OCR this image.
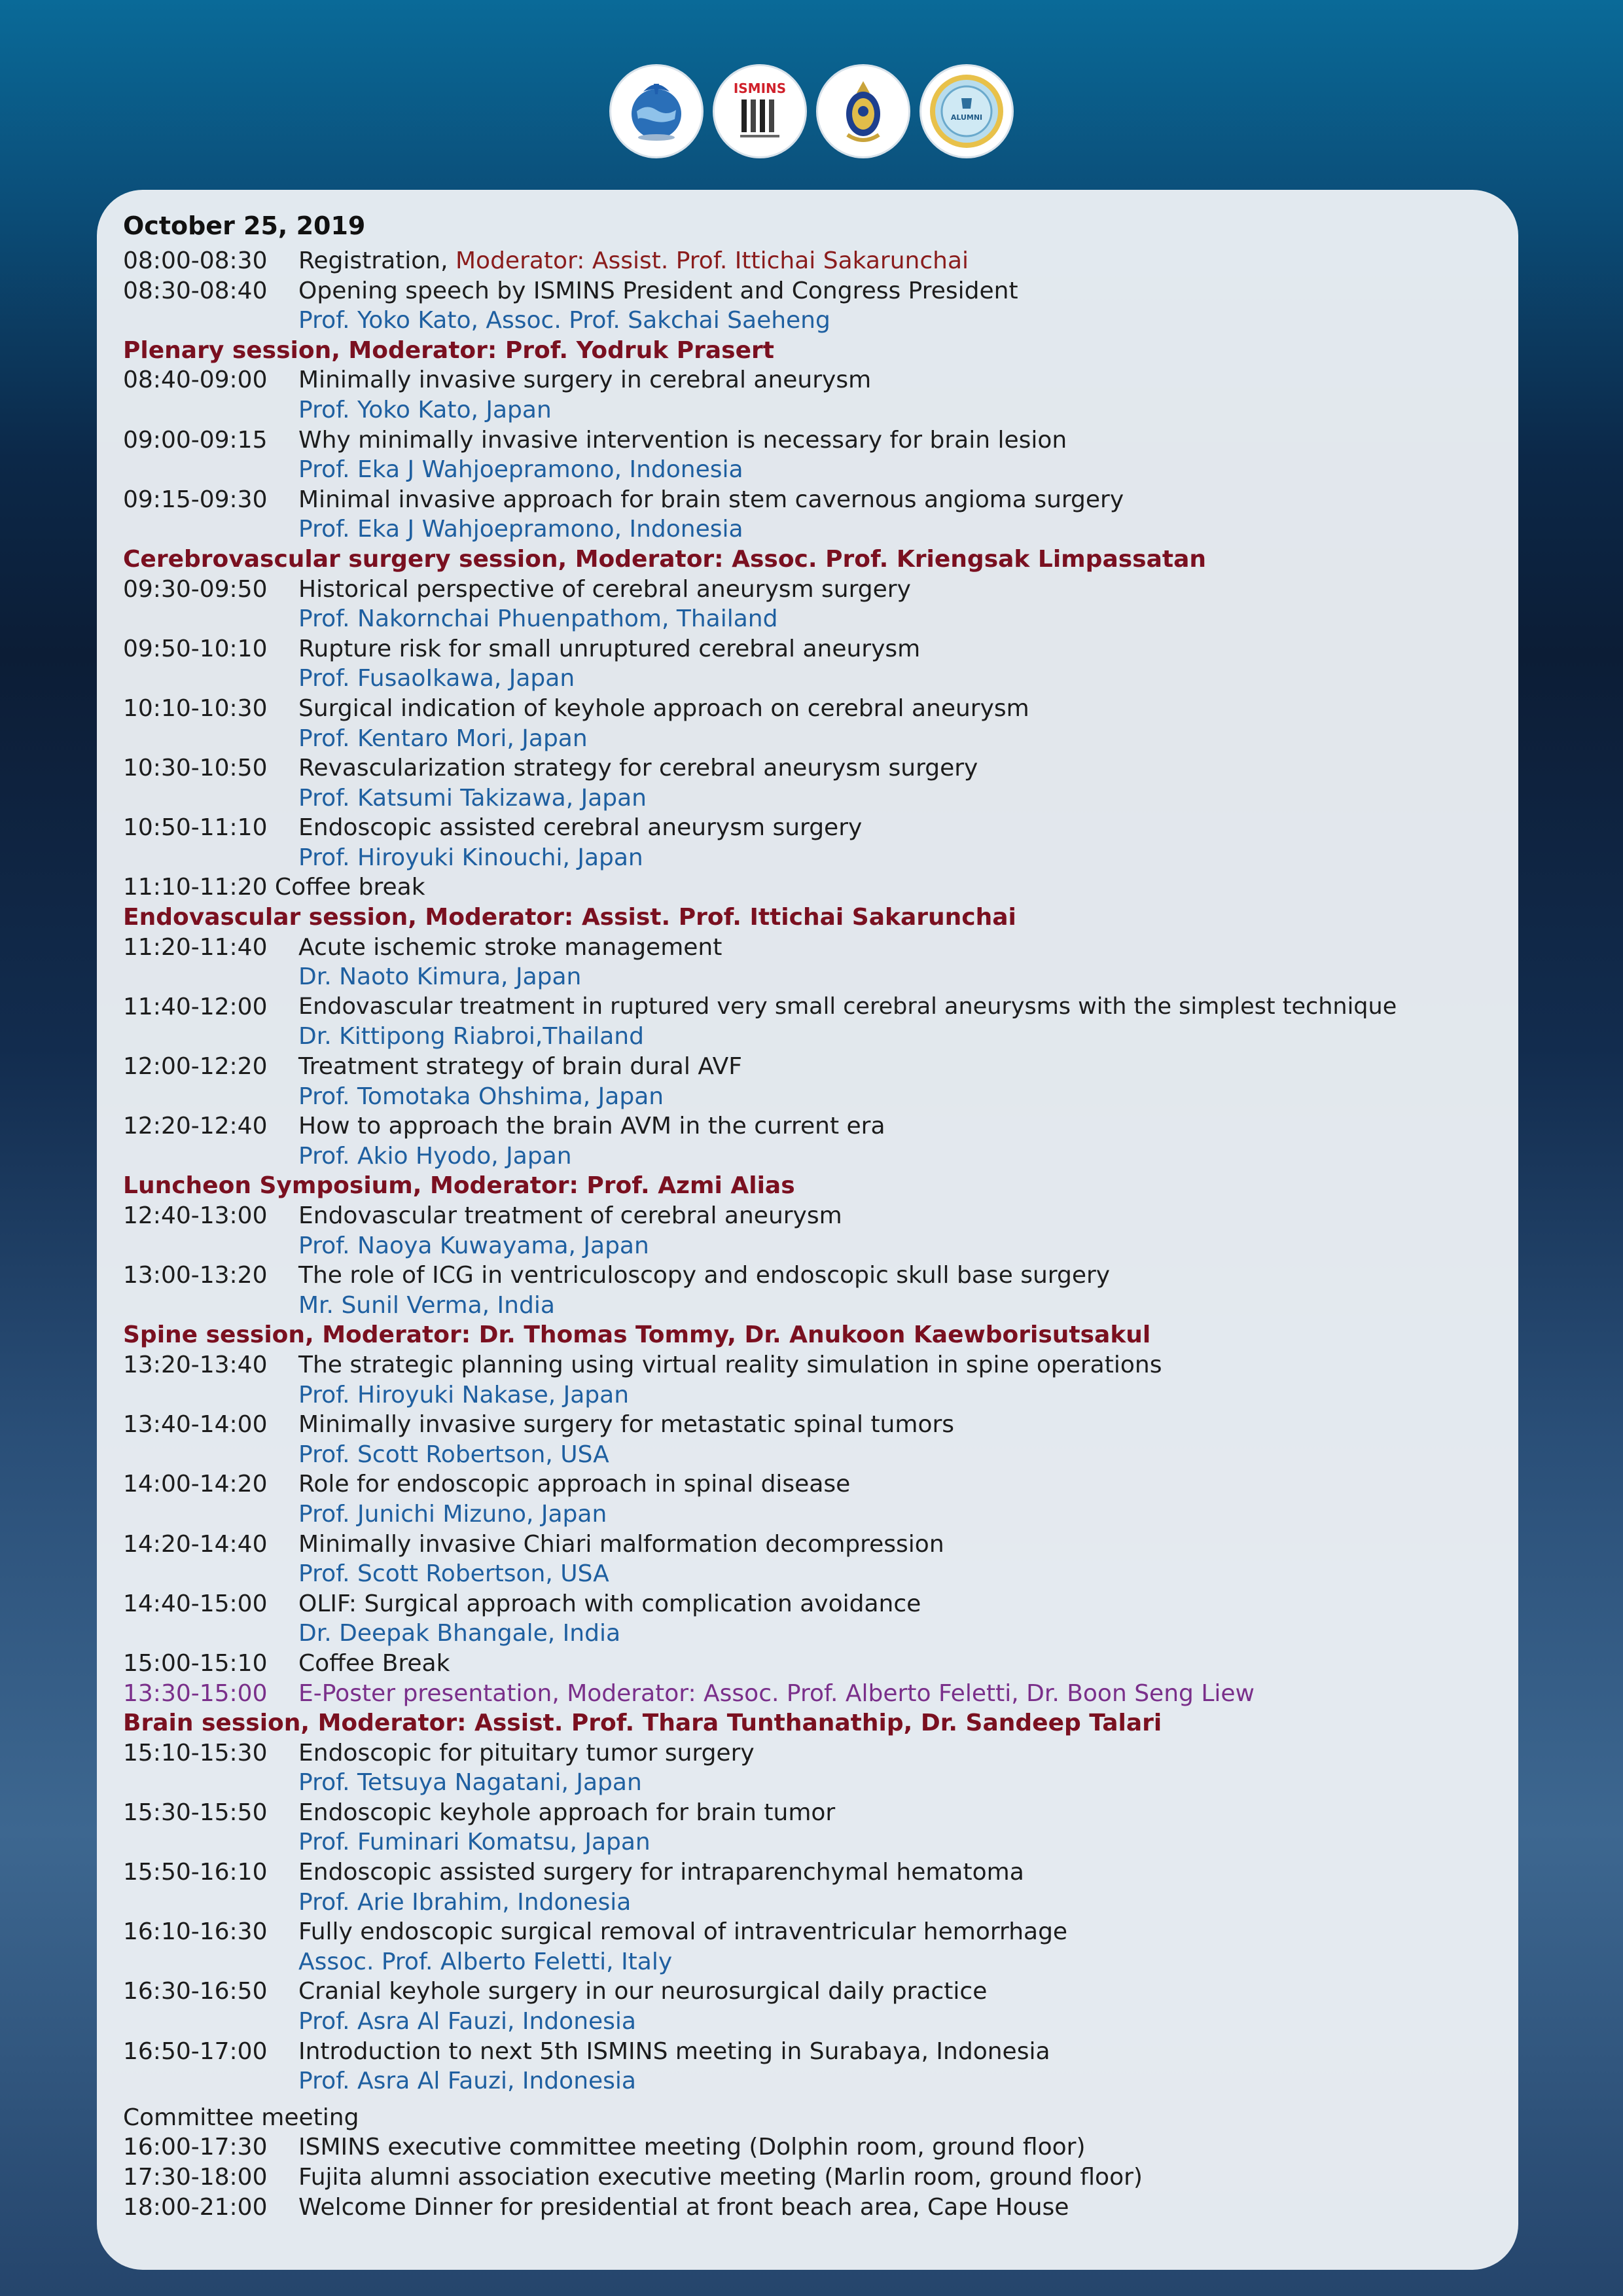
ISMINS
ALUMNI
October 25, 2019
08:00-08:30	Registration, Moderator: Assist. Prof. Ittichai Sakarunchai
08:30-08:40	Opening speech by ISMINS President and Congress President
Prof. Yoko Kato, Assoc. Prof. Sakchai Saeheng
Plenary session, Moderator: Prof. Yodruk Prasert
08:40-09:00	Minimally invasive surgery in cerebral aneurysm
Prof. Yoko Kato, Japan
09:00-09:15	Why minimally invasive intervention is necessary for brain lesion
Prof. Eka J Wahjoepramono, Indonesia
09:15-09:30	Minimal invasive approach for brain stem cavernous angioma surgery
Prof. Eka J Wahjoepramono, Indonesia
Cerebrovascular surgery session, Moderator: Assoc. Prof. Kriengsak Limpassatan
09:30-09:50	Historical perspective of cerebral aneurysm surgery
Prof. Nakornchai Phuenpathom, Thailand
09:50-10:10	Rupture risk for small unruptured cerebral aneurysm
Prof. FusaoIkawa, Japan
10:10-10:30	Surgical indication of keyhole approach on cerebral aneurysm
Prof. Kentaro Mori, Japan
10:30-10:50	Revascularization strategy for cerebral aneurysm surgery
Prof. Katsumi Takizawa, Japan
10:50-11:10	Endoscopic assisted cerebral aneurysm surgery
Prof. Hiroyuki Kinouchi, Japan
11:10-11:20 Coffee break
Endovascular session, Moderator: Assist. Prof. Ittichai Sakarunchai
11:20-11:40	Acute ischemic stroke management
Dr. Naoto Kimura, Japan
11:40-12:00	Endovascular treatment in ruptured very small cerebral aneurysms with the simplest technique
Dr. Kittipong Riabroi,Thailand
12:00-12:20	Treatment strategy of brain dural AVF
Prof. Tomotaka Ohshima, Japan
12:20-12:40	How to approach the brain AVM in the current era
Prof. Akio Hyodo, Japan
Luncheon Symposium, Moderator: Prof. Azmi Alias
12:40-13:00	Endovascular treatment of cerebral aneurysm
Prof. Naoya Kuwayama, Japan
13:00-13:20	The role of ICG in ventriculoscopy and endoscopic skull base surgery
Mr. Sunil Verma, India
Spine session, Moderator: Dr. Thomas Tommy, Dr. Anukoon Kaewborisutsakul
13:20-13:40	The strategic planning using virtual reality simulation in spine operations
Prof. Hiroyuki Nakase, Japan
13:40-14:00	Minimally invasive surgery for metastatic spinal tumors
Prof. Scott Robertson, USA
14:00-14:20	Role for endoscopic approach in spinal disease
Prof. Junichi Mizuno, Japan
14:20-14:40	Minimally invasive Chiari malformation decompression
Prof. Scott Robertson, USA
14:40-15:00	OLIF: Surgical approach with complication avoidance
Dr. Deepak Bhangale, India
15:00-15:10	Coffee Break
13:30-15:00	E-Poster presentation, Moderator: Assoc. Prof. Alberto Feletti, Dr. Boon Seng Liew
Brain session, Moderator: Assist. Prof. Thara Tunthanathip, Dr. Sandeep Talari
15:10-15:30	Endoscopic for pituitary tumor surgery
Prof. Tetsuya Nagatani, Japan
15:30-15:50	Endoscopic keyhole approach for brain tumor
Prof. Fuminari Komatsu, Japan
15:50-16:10	Endoscopic assisted surgery for intraparenchymal hematoma
Prof. Arie Ibrahim, Indonesia
16:10-16:30	Fully endoscopic surgical removal of intraventricular hemorrhage
Assoc. Prof. Alberto Feletti, Italy
16:30-16:50	Cranial keyhole surgery in our neurosurgical daily practice
Prof. Asra Al Fauzi, Indonesia
16:50-17:00	Introduction to next 5th ISMINS meeting in Surabaya, Indonesia
Prof. Asra Al Fauzi, Indonesia
Committee meeting
16:00-17:30	ISMINS executive committee meeting (Dolphin room, ground floor)
17:30-18:00	Fujita alumni association executive meeting (Marlin room, ground floor)
18:00-21:00	Welcome Dinner for presidential at front beach area, Cape House
